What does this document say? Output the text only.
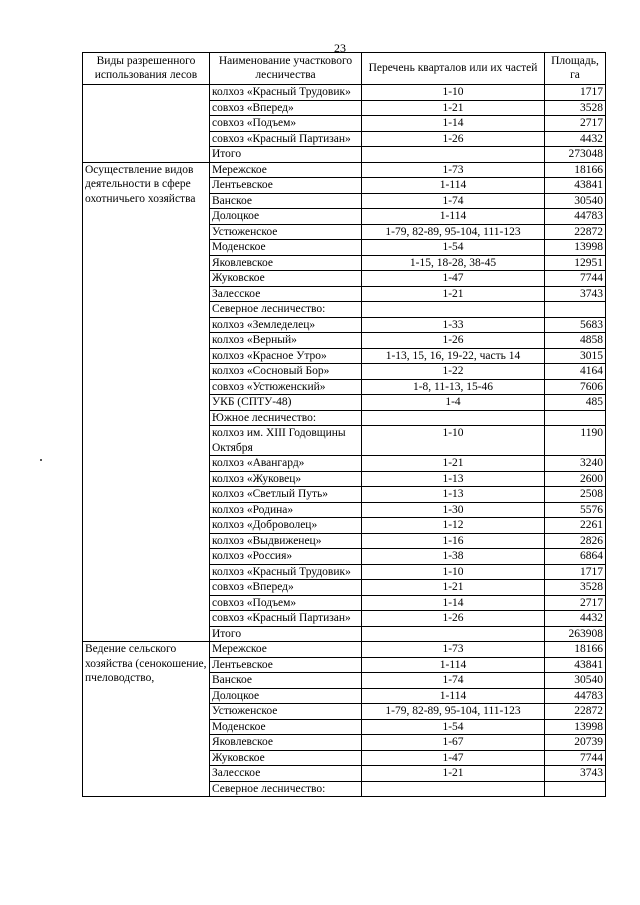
23
Виды разрешенного использования лесов	Наименование участкового лесничества	Перечень кварталов или их частей	Площадь, га
	колхоз «Красный Трудовик»	1-10	1717
	совхоз «Вперед»	1-21	3528
	совхоз «Подъем»	1-14	2717
	совхоз «Красный Партизан»	1-26	4432
	Итого		273048
Осуществление видов деятельности в сфере охотничьего хозяйства	Мережское	1-73	18166
	Лентьевское	1-114	43841
	Ванское	1-74	30540
	Долоцкое	1-114	44783
	Устюженское	1-79, 82-89, 95-104, 111-123	22872
	Моденское	1-54	13998
	Яковлевское	1-15, 18-28, 38-45	12951
	Жуковское	1-47	7744
	Залесское	1-21	3743
	Северное лесничество:		
	колхоз «Земледелец»	1-33	5683
	колхоз «Верный»	1-26	4858
	колхоз «Красное Утро»	1-13, 15, 16, 19-22, часть 14	3015
	колхоз «Сосновый Бор»	1-22	4164
	совхоз «Устюженский»	1-8, 11-13, 15-46	7606
	УКБ (СПТУ-48)	1-4	485
	Южное лесничество:		
	колхоз им. XIII Годовщины Октября	1-10	1190
	колхоз «Авангард»	1-21	3240
	колхоз «Жуковец»	1-13	2600
	колхоз «Светлый Путь»	1-13	2508
	колхоз «Родина»	1-30	5576
	колхоз «Доброволец»	1-12	2261
	колхоз «Выдвиженец»	1-16	2826
	колхоз «Россия»	1-38	6864
	колхоз «Красный Трудовик»	1-10	1717
	совхоз «Вперед»	1-21	3528
	совхоз «Подъем»	1-14	2717
	совхоз «Красный Партизан»	1-26	4432
	Итого		263908
Ведение сельского хозяйства (сенокошение, пчеловодство,	Мережское	1-73	18166
	Лентьевское	1-114	43841
	Ванское	1-74	30540
	Долоцкое	1-114	44783
	Устюженское	1-79, 82-89, 95-104, 111-123	22872
	Моденское	1-54	13998
	Яковлевское	1-67	20739
	Жуковское	1-47	7744
	Залесское	1-21	3743
	Северное лесничество:		
